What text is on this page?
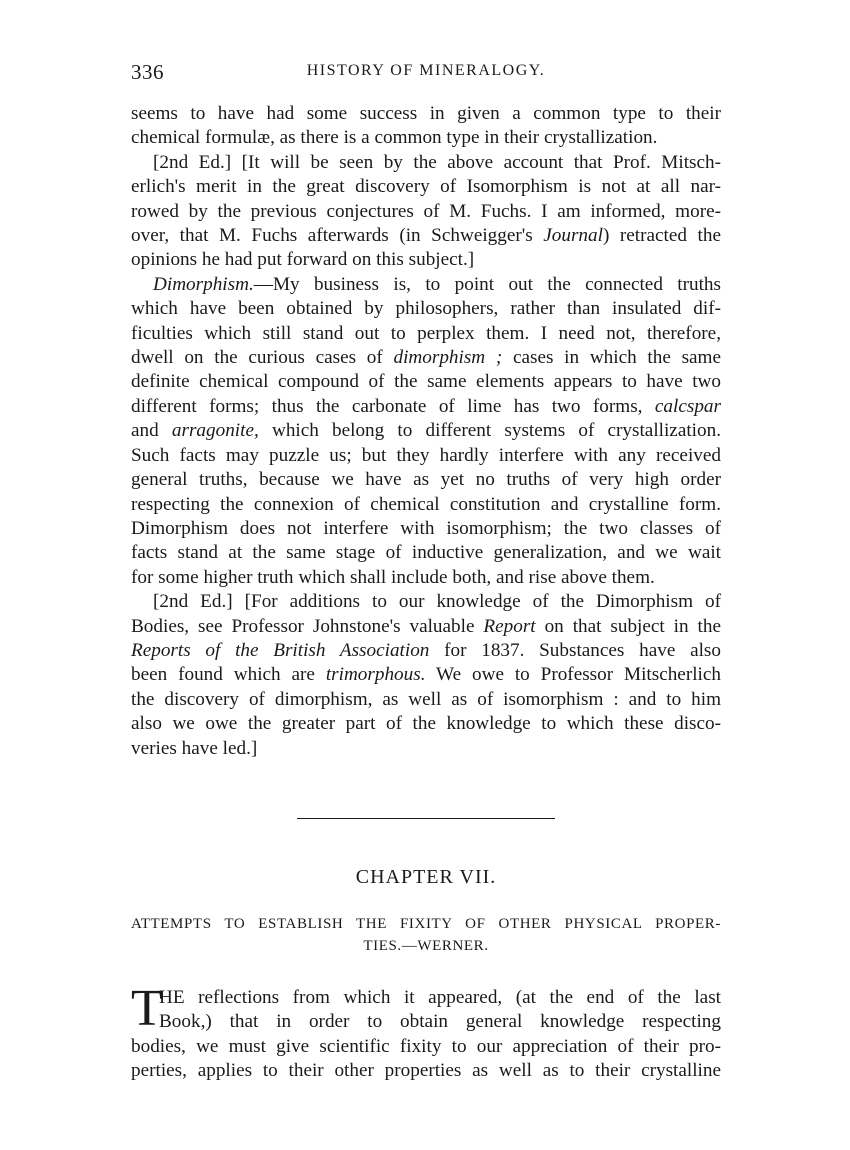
336	HISTORY OF MINERALOGY.
seems to have had some success in given a common type to their
chemical formulæ, as there is a common type in their crystallization.
[2nd Ed.] [It will be seen by the above account that Prof. Mitsch-
erlich's merit in the great discovery of Isomorphism is not at all nar-
rowed by the previous conjectures of M. Fuchs. I am informed, more-
over, that M. Fuchs afterwards (in Schweigger's Journal) retracted the
opinions he had put forward on this subject.]
Dimorphism.—My business is, to point out the connected truths
which have been obtained by philosophers, rather than insulated dif-
ficulties which still stand out to perplex them. I need not, therefore,
dwell on the curious cases of dimorphism ; cases in which the same
definite chemical compound of the same elements appears to have two
different forms; thus the carbonate of lime has two forms, calcspar
and arragonite, which belong to different systems of crystallization.
Such facts may puzzle us; but they hardly interfere with any received
general truths, because we have as yet no truths of very high order
respecting the connexion of chemical constitution and crystalline form.
Dimorphism does not interfere with isomorphism; the two classes of
facts stand at the same stage of inductive generalization, and we wait
for some higher truth which shall include both, and rise above them.
[2nd Ed.] [For additions to our knowledge of the Dimorphism of
Bodies, see Professor Johnstone's valuable Report on that subject in the
Reports of the British Association for 1837. Substances have also
been found which are trimorphous. We owe to Professor Mitscherlich
the discovery of dimorphism, as well as of isomorphism : and to him
also we owe the greater part of the knowledge to which these disco-
veries have led.]
CHAPTER VII.
ATTEMPTS TO ESTABLISH THE FIXITY OF OTHER PHYSICAL PROPER-
TIES.—WERNER.
T
HE reflections from which it appeared, (at the end of the last
Book,) that in order to obtain general knowledge respecting
bodies, we must give scientific fixity to our appreciation of their pro-
perties, applies to their other properties as well as to their crystalline
